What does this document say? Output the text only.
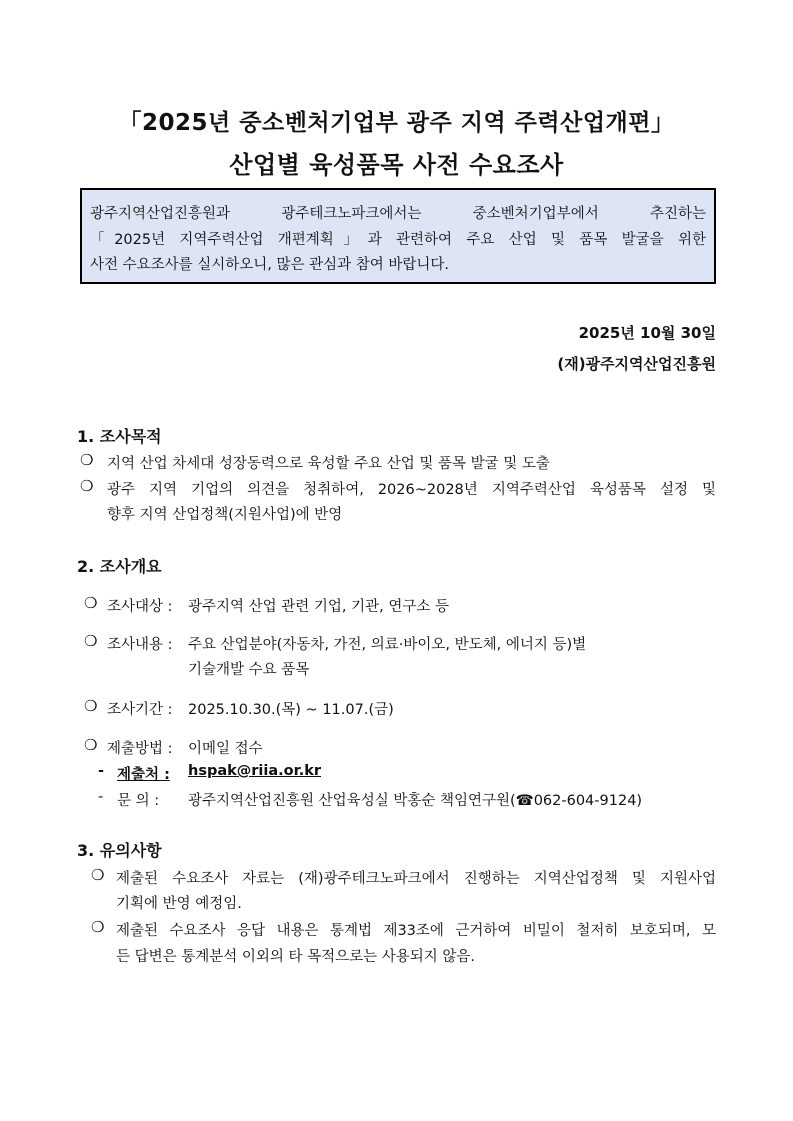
「2025년 중소벤처기업부 광주 지역 주력산업개편」
산업별 육성품목 사전 수요조사

광주지역산업진흥원과 광주테크노파크에서는 중소벤처기업부에서 추진하는

「2025년 지역주력산업 개편계획」과 관련하여 주요 산업 및 품목 발굴을 위한

사전 수요조사를 실시하오니, 많은 관심과 참여 바랍니다.

2025년 10월 30일
(재)광주지역산업진흥원
1. 조사목적
❍ 지역 산업 차세대 성장동력으로 육성할 주요 산업 및 품목 발굴 및 도출
❍ 광주 지역 기업의 의견을 청취하여, 2026~2028년 지역주력산업 육성품목 설정 및
향후 지역 산업정책(지원사업)에 반영
2. 조사개요
❍ 조사대상 : 광주지역 산업 관련 기업, 기관, 연구소 등
❍ 조사내용 : 주요 산업분야(자동차, 가전, 의료·바이오, 반도체, 에너지 등)별
기술개발 수요 품목
❍ 조사기간 : 2025.10.30.(목) ~ 11.07.(금)
❍ 제출방법 : 이메일 접수
- 제출처 : hspak@riia.or.kr
- 문 의 : 광주지역산업진흥원 산업육성실 박홍순 책임연구원(☎062-604-9124)
3. 유의사항
❍ 제출된 수요조사 자료는 (재)광주테크노파크에서 진행하는 지역산업정책 및 지원사업
기획에 반영 예정임.
❍ 제출된 수요조사 응답 내용은 통계법 제33조에 근거하여 비밀이 철저히 보호되며, 모
든 답변은 통계분석 이외의 타 목적으로는 사용되지 않음.
